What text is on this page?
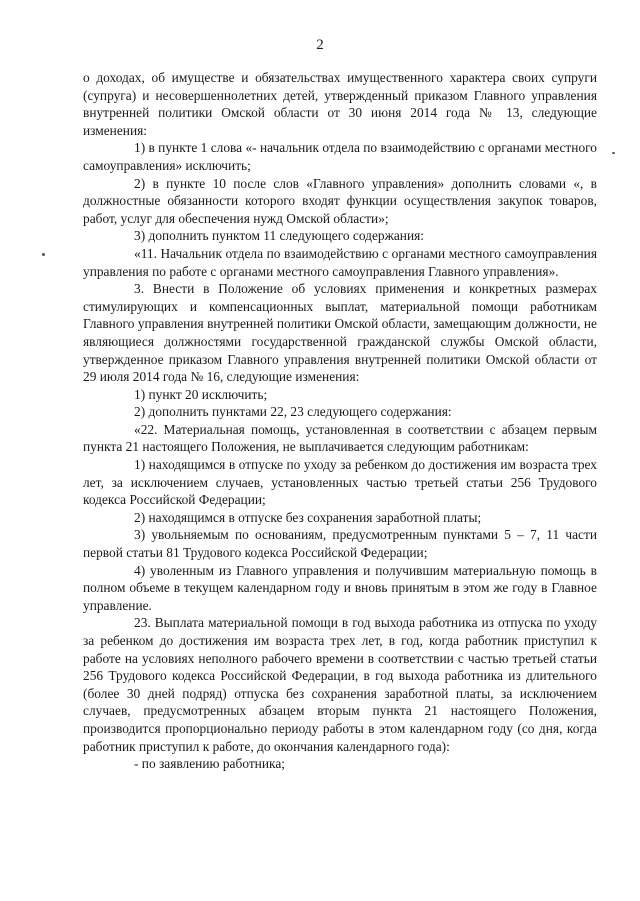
2

о доходах, об имуществе и обязательствах имущественного характера своих супруги (супруга) и несовершеннолетних детей, утвержденный приказом Главного управления внутренней политики Омской области от 30 июня 2014 года № 13, следующие изменения:

1) в пункте 1 слова «- начальник отдела по взаимодействию с органами местного самоуправления» исключить;

2) в пункте 10 после слов «Главного управления» дополнить словами «, в должностные обязанности которого входят функции осуществления закупок товаров, работ, услуг для обеспечения нужд Омской области»;

3) дополнить пунктом 11 следующего содержания:

«11. Начальник отдела по взаимодействию с органами местного самоуправления управления по работе с органами местного самоуправления Главного управления».

3. Внести в Положение об условиях применения и конкретных размерах стимулирующих и компенсационных выплат, материальной помощи работникам Главного управления внутренней политики Омской области, замещающим должности, не являющиеся должностями государственной гражданской службы Омской области, утвержденное приказом Главного управления внутренней политики Омской области от 29 июля 2014 года № 16, следующие изменения:

1) пункт 20 исключить;

2) дополнить пунктами 22, 23 следующего содержания:

«22. Материальная помощь, установленная в соответствии с абзацем первым пункта 21 настоящего Положения, не выплачивается следующим работникам:

1) находящимся в отпуске по уходу за ребенком до достижения им возраста трех лет, за исключением случаев, установленных частью третьей статьи 256 Трудового кодекса Российской Федерации;

2) находящимся в отпуске без сохранения заработной платы;

3) увольняемым по основаниям, предусмотренным пунктами 5 – 7, 11 части первой статьи 81 Трудового кодекса Российской Федерации;

4) уволенным из Главного управления и получившим материальную помощь в полном объеме в текущем календарном году и вновь принятым в этом же году в Главное управление.

23. Выплата материальной помощи в год выхода работника из отпуска по уходу за ребенком до достижения им возраста трех лет, в год, когда работник приступил к работе на условиях неполного рабочего времени в соответствии с частью третьей статьи 256 Трудового кодекса Российской Федерации, в год выхода работника из длительного (более 30 дней подряд) отпуска без сохранения заработной платы, за исключением случаев, предусмотренных абзацем вторым пункта 21 настоящего Положения, производится пропорционально периоду работы в этом календарном году (со дня, когда работник приступил к работе, до окончания календарного года):

- по заявлению работника;
